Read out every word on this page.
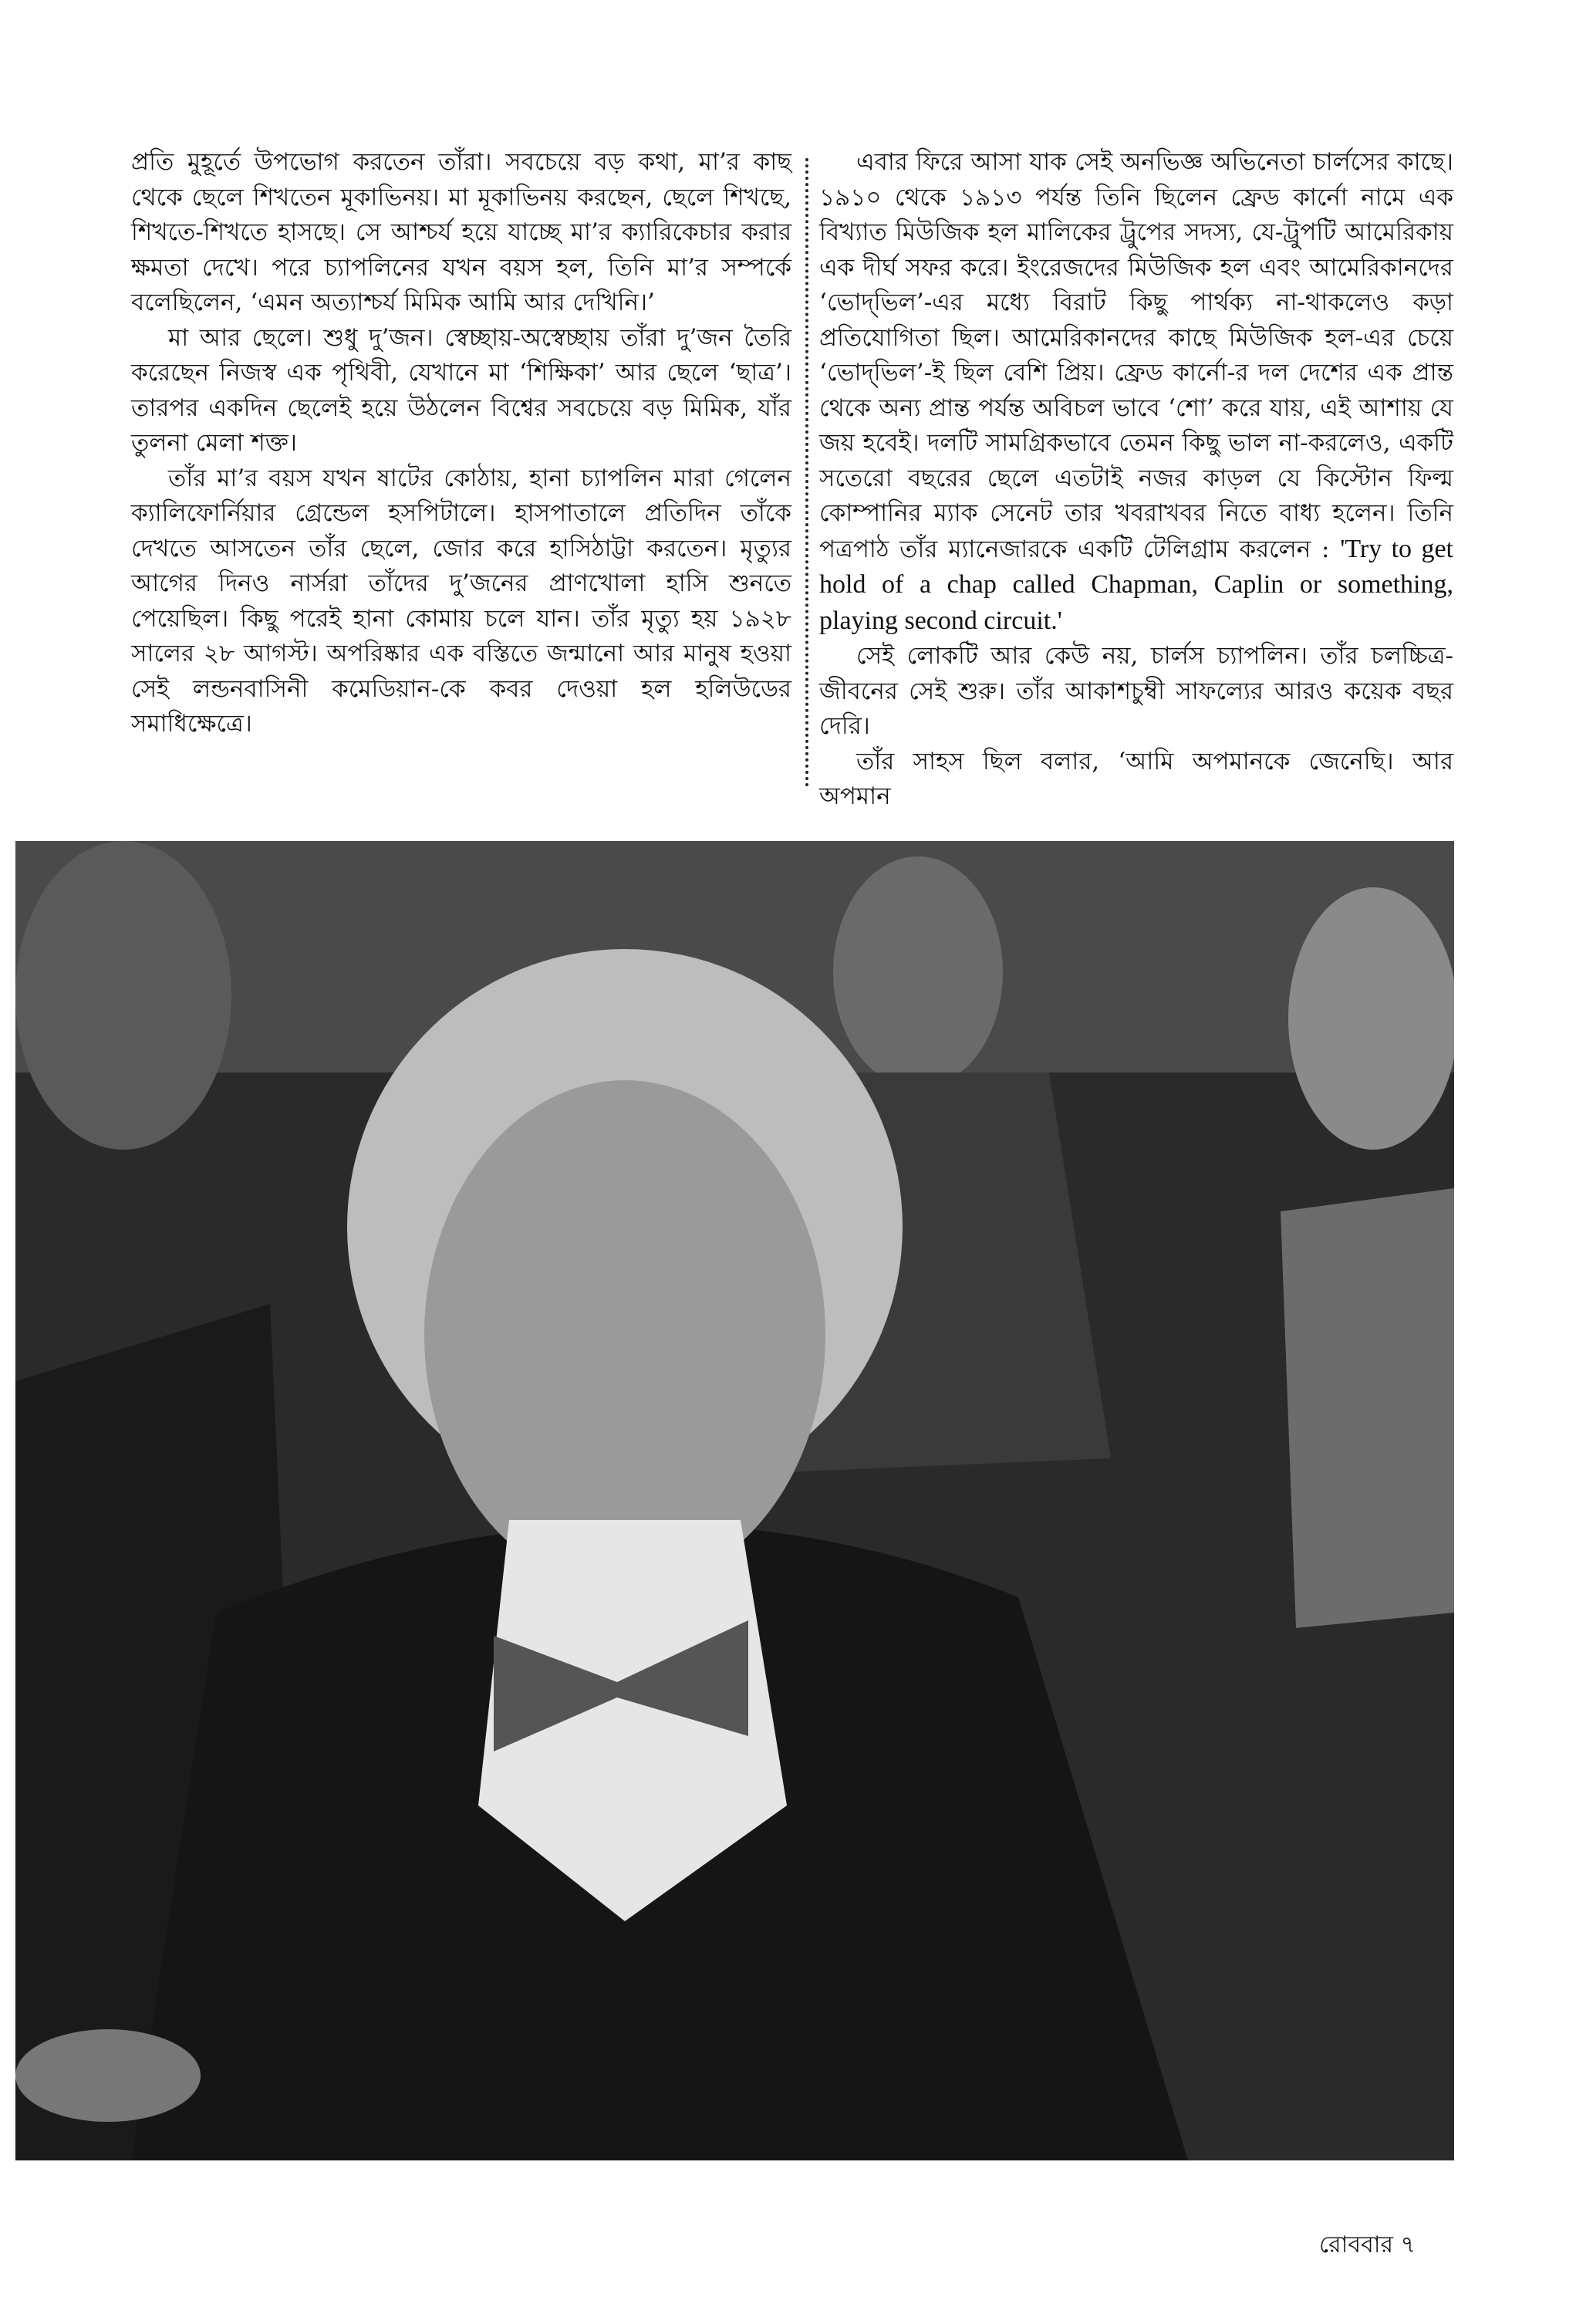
প্রতি মুহূর্তে উপভোগ করতেন তাঁরা। সবচেয়ে বড় কথা, মা’র কাছ থেকে ছেলে শিখতেন মূকাভিনয়। মা মূকাভিনয় করছেন, ছেলে শিখছে, শিখতে-শিখতে হাসছে। সে আশ্চর্য হয়ে যাচ্ছে মা’র ক্যারিকেচার করার ক্ষমতা দেখে। পরে চ্যাপলিনের যখন বয়স হল, তিনি মা’র সম্পর্কে বলেছিলেন, ‘এমন অত্যাশ্চর্য মিমিক আমি আর দেখিনি।’

মা আর ছেলে। শুধু দু’জন। স্বেচ্ছায়-অস্বেচ্ছায় তাঁরা দু’জন তৈরি করেছেন নিজস্ব এক পৃথিবী, যেখানে মা ‘শিক্ষিকা’ আর ছেলে ‘ছাত্র’। তারপর একদিন ছেলেই হয়ে উঠলেন বিশ্বের সবচেয়ে বড় মিমিক, যাঁর তুলনা মেলা শক্ত।

তাঁর মা’র বয়স যখন ষাটের কোঠায়, হানা চ্যাপলিন মারা গেলেন ক্যালিফোর্নিয়ার গ্রেন্ডেল হসপিটালে। হাসপাতালে প্রতিদিন তাঁকে দেখতে আসতেন তাঁর ছেলে, জোর করে হাসিঠাট্টা করতেন। মৃত্যুর আগের দিনও নার্সরা তাঁদের দু’জনের প্রাণখোলা হাসি শুনতে পেয়েছিল। কিছু পরেই হানা কোমায় চলে যান। তাঁর মৃত্যু হয় ১৯২৮ সালের ২৮ আগস্ট। অপরিষ্কার এক বস্তিতে জন্মানো আর মানুষ হওয়া সেই লন্ডনবাসিনী কমেডিয়ান-কে কবর দেওয়া হল হলিউডের সমাধিক্ষেত্রে।

এবার ফিরে আসা যাক সেই অনভিজ্ঞ অভিনেতা চার্লসের কাছে। ১৯১০ থেকে ১৯১৩ পর্যন্ত তিনি ছিলেন ফ্রেড কার্নো নামে এক বিখ্যাত মিউজিক হল মালিকের ট্রুপের সদস্য, যে-ট্রুপটি আমেরিকায় এক দীর্ঘ সফর করে। ইংরেজদের মিউজিক হল এবং আমেরিকানদের ‘ভোদ্‌ভিল’-এর মধ্যে বিরাট কিছু পার্থক্য না-থাকলেও কড়া প্রতিযোগিতা ছিল। আমেরিকানদের কাছে মিউজিক হল-এর চেয়ে ‘ভোদ্‌ভিল’-ই ছিল বেশি প্রিয়। ফ্রেড কার্নো-র দল দেশের এক প্রান্ত থেকে অন্য প্রান্ত পর্যন্ত অবিচল ভাবে ‘শো’ করে যায়, এই আশায় যে জয় হবেই। দলটি সামগ্রিকভাবে তেমন কিছু ভাল না-করলেও, একটি সতেরো বছরের ছেলে এতটাই নজর কাড়ল যে কিস্টোন ফিল্ম কোম্পানির ম্যাক সেনেট তার খবরাখবর নিতে বাধ্য হলেন। তিনি পত্রপাঠ তাঁর ম্যানেজারকে একটি টেলিগ্রাম করলেন : 'Try to get hold of a chap called Chapman, Caplin or something, playing second circuit.'

সেই লোকটি আর কেউ নয়, চার্লস চ্যাপলিন। তাঁর চলচ্চিত্র-জীবনের সেই শুরু। তাঁর আকাশচুম্বী সাফল্যের আরও কয়েক বছর দেরি।

তাঁর সাহস ছিল বলার, ‘আমি অপমানকে জেনেছি। আর অপমান

রোববার ৭
